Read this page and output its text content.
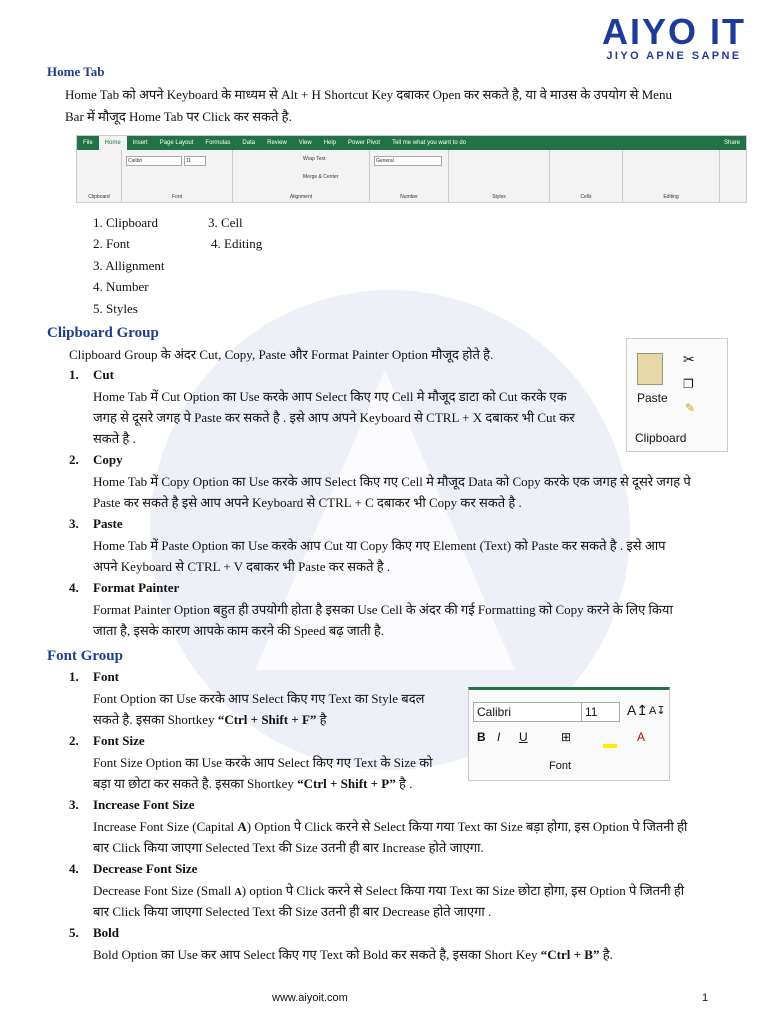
AIYO IT
JIYO APNE SAPNE
Home Tab
Home Tab को अपने Keyboard के माध्यम से Alt + H Shortcut Key दबाकर Open कर सकते है, या वे माउस के उपयोग से Menu
Bar में मौजूद Home Tab पर Click कर सकते है.
File	Home	Insert	Page Layout	Formulas	Data	Review	View	Help	Power Pivot	Tell me what you want to do	Share
Clipboard
Calibri	11
Font
Wrap Text
Merge & Center
Alignment
General
Number	Styles	Cells	Editing
1. Clipboard
2. Font
3. Allignment
4. Number
5. Styles
3. Cell
4. Editing
Clipboard Group
Clipboard Group के अंदर Cut, Copy, Paste और Format Painter Option मौजूद होते है.
Paste
✂
❐
✎
Clipboard
1. Cut
Home Tab में Cut Option का Use करके आप Select किए गए Cell मे मौजूद डाटा को Cut करके एक
जगह से दूसरे जगह पे Paste कर सकते है . इसे आप अपने Keyboard से CTRL + X दबाकर भी Cut कर
सकते है .
2. Copy
Home Tab में Copy Option का Use करके आप Select किए गए Cell मे मौजूद Data को Copy करके एक जगह से दूसरे जगह पे
Paste कर सकते है इसे आप अपने Keyboard से CTRL + C दबाकर भी Copy कर सकते है .
3. Paste
Home Tab में Paste Option का Use करके आप Cut या Copy किए गए Element (Text) को Paste कर सकते है . इसे आप
अपने Keyboard से CTRL + V दबाकर भी Paste कर सकते है .
4. Format Painter
Format Painter Option बहुत ही उपयोगी होता है इसका Use Cell के अंदर की गई Formatting को Copy करने के लिए किया
जाता है, इसके कारण आपके काम करने की Speed बढ़ जाती है.
Font Group
Calibri	11	A↥ A↧
B I U	⊞	A
Font
1. Font
Font Option का Use करके आप Select किए गए Text का Style बदल
सकते है. इसका Shortkey “Ctrl + Shift + F” है
2. Font Size
Font Size Option का Use करके आप Select किए गए Text के Size को
बड़ा या छोटा कर सकते है. इसका Shortkey “Ctrl + Shift + P” है .
3. Increase Font Size
Increase Font Size (Capital A) Option पे Click करने से Select किया गया Text का Size बड़ा होगा, इस Option पे जितनी ही
बार Click किया जाएगा Selected Text की Size उतनी ही बार Increase होते जाएगा.
4. Decrease Font Size
Decrease Font Size (Small A) option पे Click करने से Select किया गया Text का Size छोटा होगा, इस Option पे जितनी ही
बार Click किया जाएगा Selected Text की Size उतनी ही बार Decrease होते जाएगा .
5. Bold
Bold Option का Use कर आप Select किए गए Text को Bold कर सकते है, इसका Short Key “Ctrl + B” है.
www.aiyoit.com	1
